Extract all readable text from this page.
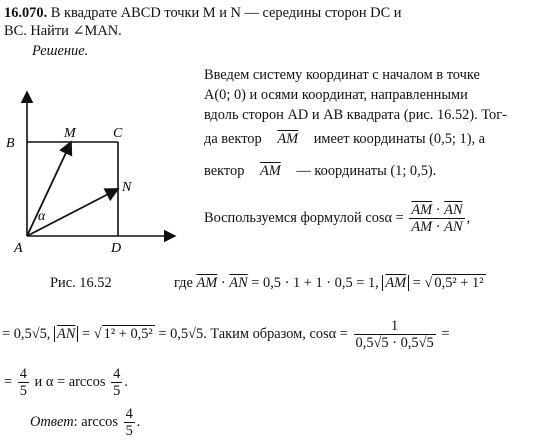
16.070. В квадрате ABCD точки M и N — середины сторон DC и
BC. Найти ∠MAN.
Решение.
B
M	C
N
α
A	D
Введем систему координат с началом в точке
A(0; 0) и осями координат, направленными
вдоль сторон AD и AB квадрата (рис. 16.52). Тог-
да вектор $\overline{AM}$ имеет координаты (0,5; 1), а
вектор $\overline{AM}$ — координаты (1; 0,5).
Воспользуемся формулой $\cos\alpha = \frac{\overline{AM} \cdot \overline{AN}}{\overline{AM} \cdot \overline{AN}}$ ,
Рис. 16.52	где $\overline{AM} \cdot \overline{AN} = 0,5 \cdot 1 + 1 \cdot 0,5 = 1$, $\overline{AM}$ = √ 0,5² + 1²
= 0,5√5, $\overline{AN}$ = √ 1² + 0,5² = 0,5√5. Таким образом, $\cos\alpha = \frac{1}{0,5√5 \cdot 0,5√5}$ =
= $\frac{4}{5}$ и $\alpha = \arccos \frac{4}{5}$ .
Ответ: $\arccos \frac{4}{5}$ .
